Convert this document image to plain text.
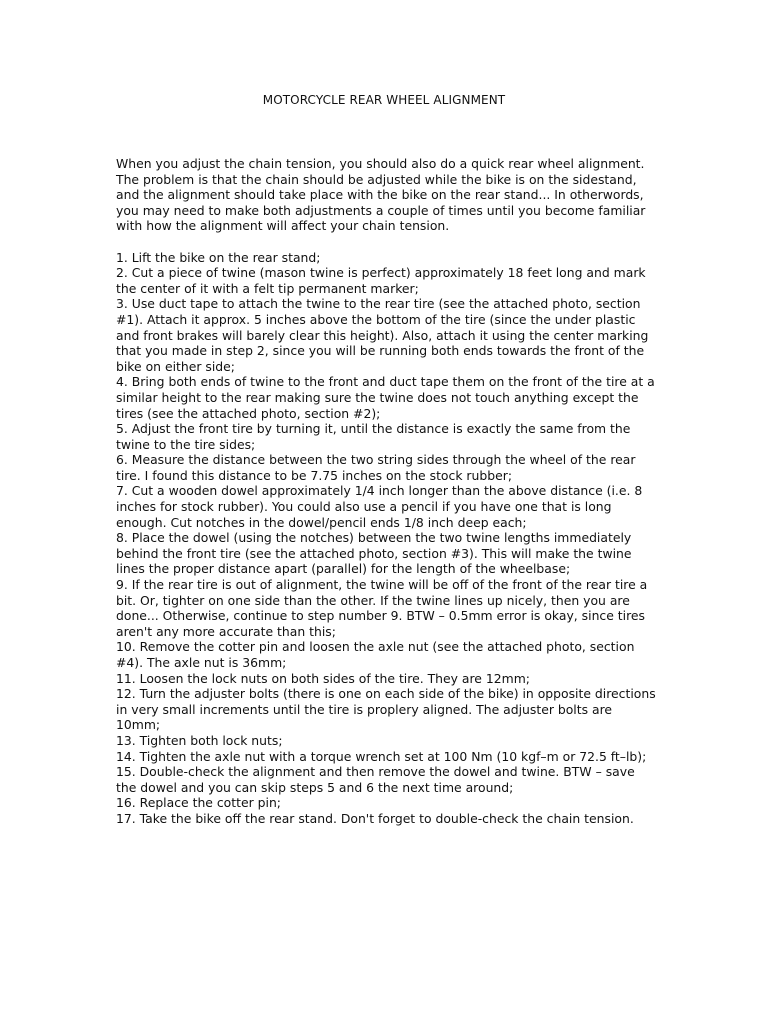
MOTORCYCLE REAR WHEEL ALIGNMENT

When you adjust the chain tension, you should also do a quick rear wheel alignment. The problem is that the chain should be adjusted while the bike is on the sidestand, and the alignment should take place with the bike on the rear stand... In otherwords, you may need to make both adjustments a couple of times until you become familiar with how the alignment will affect your chain tension.

1. Lift the bike on the rear stand;
2. Cut a piece of twine (mason twine is perfect) approximately 18 feet long and mark the center of it with a felt tip permanent marker;
3. Use duct tape to attach the twine to the rear tire (see the attached photo, section #1). Attach it approx. 5 inches above the bottom of the tire (since the under plastic and front brakes will barely clear this height). Also, attach it using the center marking that you made in step 2, since you will be running both ends towards the front of the bike on either side;
4. Bring both ends of twine to the front and duct tape them on the front of the tire at a similar height to the rear making sure the twine does not touch anything except the tires (see the attached photo, section #2);
5. Adjust the front tire by turning it, until the distance is exactly the same from the twine to the tire sides;
6. Measure the distance between the two string sides through the wheel of the rear tire. I found this distance to be 7.75 inches on the stock rubber;
7. Cut a wooden dowel approximately 1/4 inch longer than the above distance (i.e. 8 inches for stock rubber). You could also use a pencil if you have one that is long enough. Cut notches in the dowel/pencil ends 1/8 inch deep each;
8. Place the dowel (using the notches) between the two twine lengths immediately behind the front tire (see the attached photo, section #3). This will make the twine lines the proper distance apart (parallel) for the length of the wheelbase;
9. If the rear tire is out of alignment, the twine will be off of the front of the rear tire a bit. Or, tighter on one side than the other. If the twine lines up nicely, then you are done... Otherwise, continue to step number 9. BTW – 0.5mm error is okay, since tires aren't any more accurate than this;
10. Remove the cotter pin and loosen the axle nut (see the attached photo, section #4). The axle nut is 36mm;
11. Loosen the lock nuts on both sides of the tire. They are 12mm;
12. Turn the adjuster bolts (there is one on each side of the bike) in opposite directions in very small increments until the tire is proplery aligned. The adjuster bolts are 10mm;
13. Tighten both lock nuts;
14. Tighten the axle nut with a torque wrench set at 100 Nm (10 kgf–m or 72.5 ft–lb);
15. Double-check the alignment and then remove the dowel and twine. BTW – save the dowel and you can skip steps 5 and 6 the next time around;
16. Replace the cotter pin;
17. Take the bike off the rear stand. Don't forget to double-check the chain tension.
